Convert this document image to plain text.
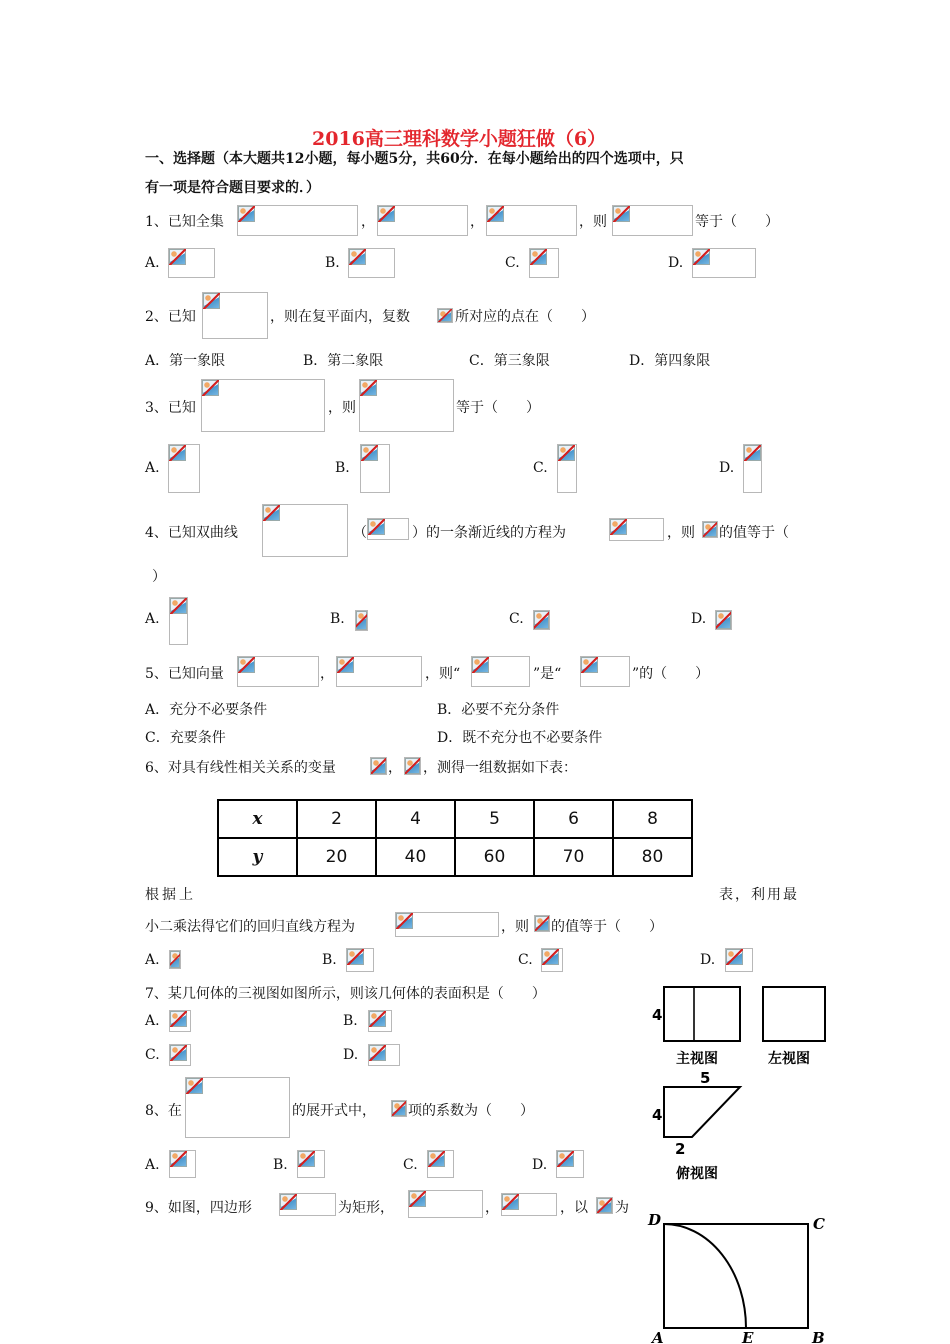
2016高三理科数学小题狂做（6）
一、选择题（本大题共12小题，每小题5分，共60分．在每小题给出的四个选项中，只
有一项是符合题目要求的．）
1、已知全集	，	，	，则	等于（　　）
A.	B.	C.	D.
2、已知	，则在复平面内，复数	所对应的点在（　　）
A．第一象限	B．第二象限	C．第三象限	D．第四象限
3、已知	，则	等于（　　）
A.	B.	C.	D.
4、已知双曲线	（	）的一条渐近线的方程为	，则 的值等于（
）
A.	B.	C.	D.
5、已知向量	，	，则“	”是“	”的（　　）
A．充分不必要条件	B．必要不充分条件
C．充要条件	D．既不充分也不必要条件
6、对具有线性相关关系的变量	， ，测得一组数据如下表：
x	2	4	5	6	8
y	20	40	60	70	80
根据上	表，利用最
小二乘法得它们的回归直线方程为	，则 的值等于（　　）
A.	B.	C.	D.
7、某几何体的三视图如图所示，则该几何体的表面积是（　　）
A.	B.
C.	D.
4
主视图	左视图
5
4
2
俯视图
8、在	的展开式中， 项的系数为（　　）
A.	B.	C.	D.
9、如图，四边形	为矩形，	，	，以 为
D	C
A	E	B
